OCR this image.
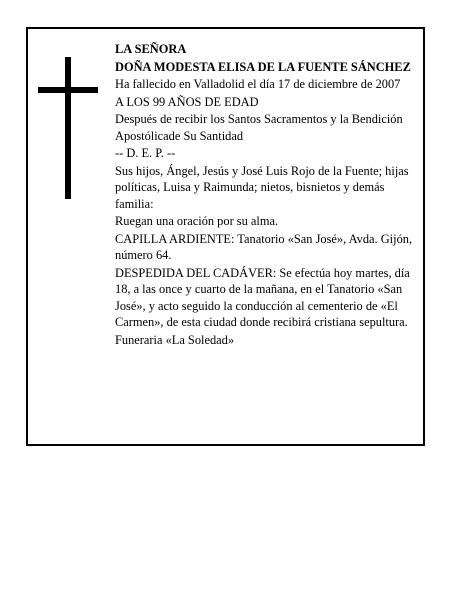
LA SEÑORA

DOÑA MODESTA ELISA DE LA FUENTE SÁNCHEZ

Ha fallecido en Valladolid el día 17 de diciembre de 2007

A LOS 99 AÑOS DE EDAD

Después de recibir los Santos Sacramentos y la Bendición Apostólicade Su Santidad

-- D. E. P. --

Sus hijos, Ángel, Jesús y José Luis Rojo de la Fuente; hijas políticas, Luisa y Raimunda; nietos, bisnietos y demás familia:

Ruegan una oración por su alma.

CAPILLA ARDIENTE: Tanatorio «San José», Avda. Gijón, número 64.

DESPEDIDA DEL CADÁVER: Se efectúa hoy martes, día 18, a las once y cuarto de la mañana, en el Tanatorio «San José», y acto seguido la conducción al cementerio de «El Carmen», de esta ciudad donde recibirá cristiana sepultura.

Funeraria «La Soledad»
